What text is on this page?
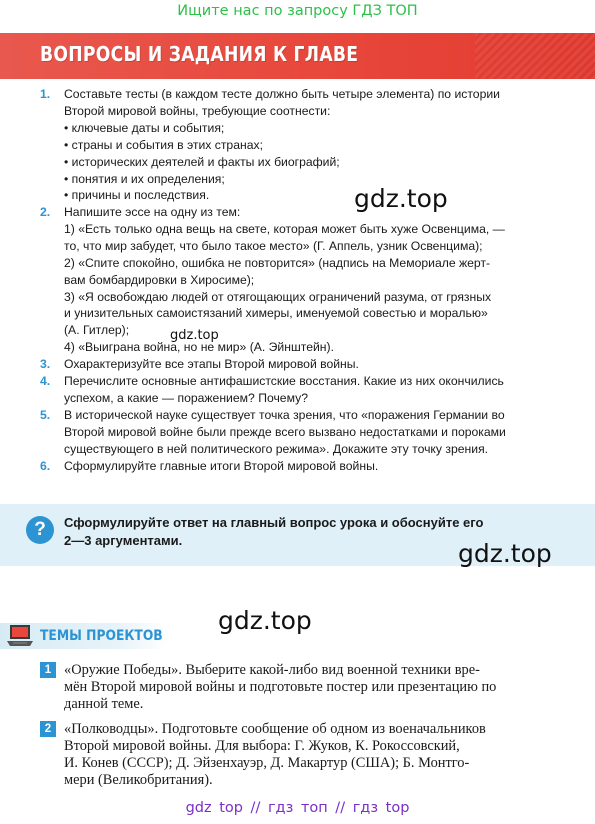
Ищите нас по запросу ГДЗ ТОП
ВОПРОСЫ И ЗАДАНИЯ К ГЛАВЕ
1. Составьте тесты (в каждом тесте должно быть четыре элемента) по истории
Второй мировой войны, требующие соотнести:
• ключевые даты и события;
• страны и события в этих странах;
• исторических деятелей и факты их биографий;
• понятия и их определения;
• причины и последствия.
2. Напишите эссе на одну из тем:
1) «Есть только одна вещь на свете, которая может быть хуже Освенцима, —
то, что мир забудет, что было такое место» (Г. Аппель, узник Освенцима);
2) «Спите спокойно, ошибка не повторится» (надпись на Мемориале жерт-
вам бомбардировки в Хиросиме);
3) «Я освобождаю людей от отягощающих ограничений разума, от грязных
и унизительных самоистязаний химеры, именуемой совестью и моралью»
(А. Гитлер);
4) «Выиграна война, но не мир» (А. Эйнштейн).
3. Охарактеризуйте все этапы Второй мировой войны.
4. Перечислите основные антифашистские восстания. Какие из них окончились
успехом, а какие — поражением? Почему?
5. В исторической науке существует точка зрения, что «поражения Германии во
Второй мировой войне были прежде всего вызвано недостатками и пороками
существующего в ней политического режима». Докажите эту точку зрения.
6. Сформулируйте главные итоги Второй мировой войны.
gdz.top
gdz.top
?	Сформулируйте ответ на главный вопрос урока и обоснуйте его
2—3 аргументами.	gdz.top
gdz.top
ТЕМЫ ПРОЕКТОВ
1 «Оружие Победы». Выберите какой-либо вид военной техники вре-
мён Второй мировой войны и подготовьте постер или презентацию по
данной теме.
2 «Полководцы». Подготовьте сообщение об одном из военачальников
Второй мировой войны. Для выбора: Г. Жуков, К. Рокоссовский,
И. Конев (СССР); Д. Эйзенхауэр, Д. Макартур (США); Б. Монтго-
мери (Великобритания).
gdz top // гдз топ // гдз top
